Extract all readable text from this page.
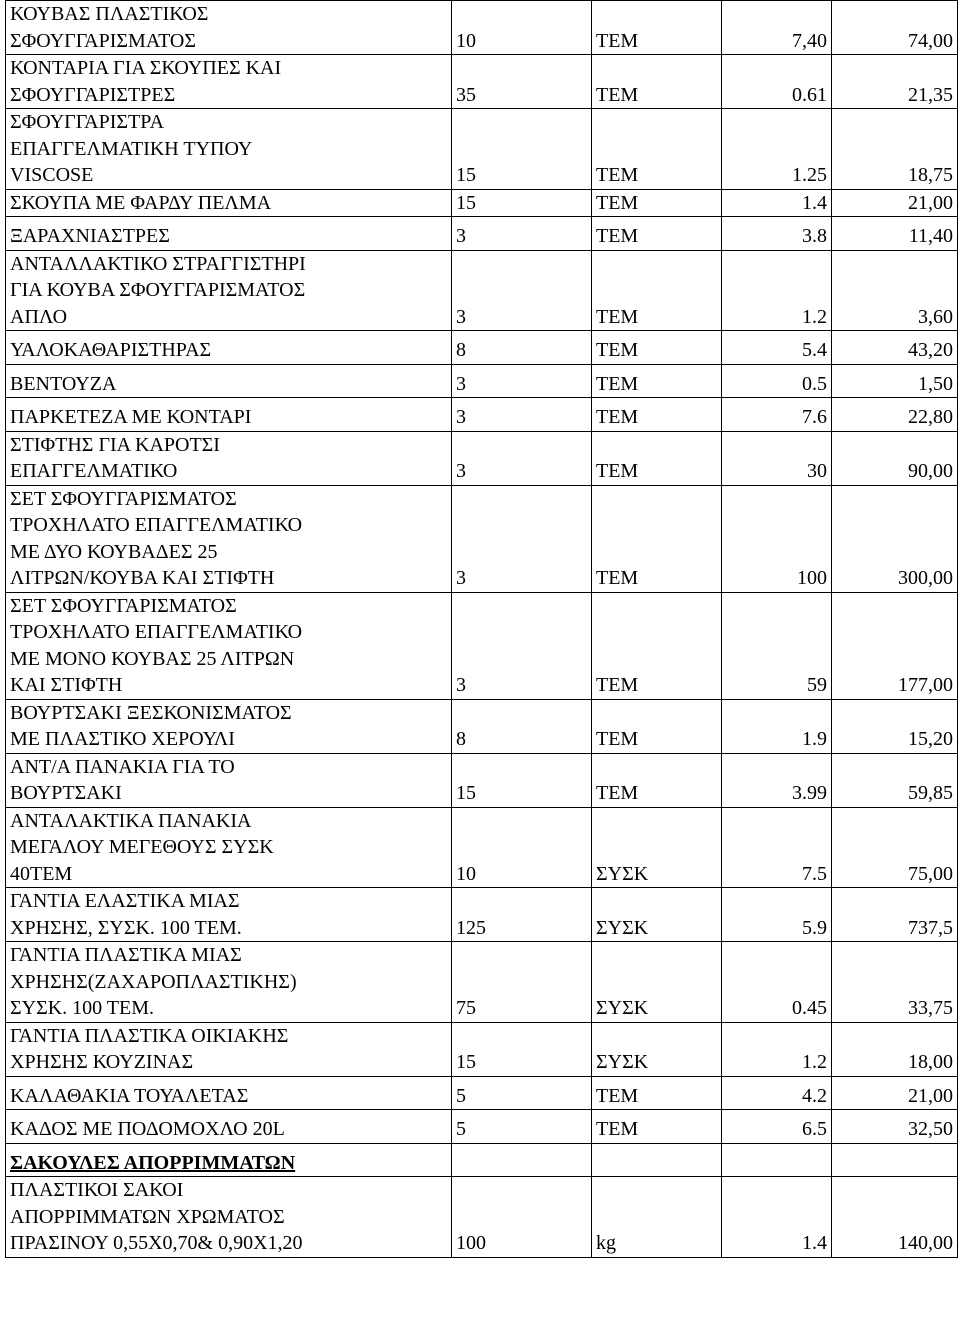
ΚΟΥΒΑΣ ΠΛΑΣΤΙΚΟΣ
ΣΦΟΥΓΓΑΡΙΣΜΑΤΟΣ	10	ΤΕΜ	7,40	74,00

ΚΟΝΤΑΡΙΑ ΓΙΑ ΣΚΟΥΠΕΣ ΚΑΙ
ΣΦΟΥΓΓΑΡΙΣΤΡΕΣ	35	ΤΕΜ	0.61	21,35

ΣΦΟΥΓΓΑΡΙΣΤΡΑ
ΕΠΑΓΓΕΛΜΑΤΙΚΗ ΤΥΠΟΥ
VISCOSE	15	ΤΕΜ	1.25	18,75

ΣΚΟΥΠΑ ΜΕ ΦΑΡΔΥ ΠΕΛΜΑ	15	ΤΕΜ	1.4	21,00

ΞΑΡΑΧΝΙΑΣΤΡΕΣ	3	ΤΕΜ	3.8	11,40

ΑΝΤΑΛΛΑΚΤΙΚΟ ΣΤΡΑΓΓΙΣΤΗΡΙ
ΓΙΑ ΚΟΥΒΑ ΣΦΟΥΓΓΑΡΙΣΜΑΤΟΣ
ΑΠΛΟ	3	ΤΕΜ	1.2	3,60

ΥΑΛΟΚΑΘΑΡΙΣΤΗΡΑΣ	8	ΤΕΜ	5.4	43,20

ΒΕΝΤΟΥΖΑ	3	ΤΕΜ	0.5	1,50

ΠΑΡΚΕΤΕΖΑ ΜΕ ΚΟΝΤΑΡΙ	3	ΤΕΜ	7.6	22,80

ΣΤΙΦΤΗΣ ΓΙΑ ΚΑΡΟΤΣΙ
ΕΠΑΓΓΕΛΜΑΤΙΚΟ	3	ΤΕΜ	30	90,00

ΣΕΤ ΣΦΟΥΓΓΑΡΙΣΜΑΤΟΣ
ΤΡΟΧΗΛΑΤΟ ΕΠΑΓΓΕΛΜΑΤΙΚΟ
ΜΕ ΔΥΟ ΚΟΥΒΑΔΕΣ 25
ΛΙΤΡΩΝ/ΚΟΥΒΑ ΚΑΙ ΣΤΙΦΤΗ	3	ΤΕΜ	100	300,00

ΣΕΤ ΣΦΟΥΓΓΑΡΙΣΜΑΤΟΣ
ΤΡΟΧΗΛΑΤΟ ΕΠΑΓΓΕΛΜΑΤΙΚΟ
ΜΕ ΜΟΝΟ ΚΟΥΒΑΣ 25 ΛΙΤΡΩΝ
ΚΑΙ ΣΤΙΦΤΗ	3	ΤΕΜ	59	177,00

ΒΟΥΡΤΣΑΚΙ ΞΕΣΚΟΝΙΣΜΑΤΟΣ
ΜΕ ΠΛΑΣΤΙΚΟ ΧΕΡΟΥΛΙ	8	ΤΕΜ	1.9	15,20

ΑΝΤ/Α ΠΑΝΑΚΙΑ ΓΙΑ ΤΟ
ΒΟΥΡΤΣΑΚΙ	15	ΤΕΜ	3.99	59,85

ΑΝΤΑΛΑΚΤΙΚΑ ΠΑΝΑΚΙΑ
ΜΕΓΑΛΟΥ ΜΕΓΕΘΟΥΣ ΣΥΣΚ
40ΤΕΜ	10	ΣΥΣΚ	7.5	75,00

ΓΑΝΤΙΑ ΕΛΑΣΤΙΚΑ ΜΙΑΣ
ΧΡΗΣΗΣ, ΣΥΣΚ. 100 ΤΕΜ.	125	ΣΥΣΚ	5.9	737,5

ΓΑΝΤΙΑ ΠΛΑΣΤΙΚΑ ΜΙΑΣ
ΧΡΗΣΗΣ(ΖΑΧΑΡΟΠΛΑΣΤΙΚΗΣ)
ΣΥΣΚ. 100 ΤΕΜ.	75	ΣΥΣΚ	0.45	33,75

ΓΑΝΤΙΑ ΠΛΑΣΤΙΚΑ ΟΙΚΙΑΚΗΣ
ΧΡΗΣΗΣ ΚΟΥΖΙΝΑΣ	15	ΣΥΣΚ	1.2	18,00

ΚΑΛΑΘΑΚΙΑ ΤΟΥΑΛΕΤΑΣ	5	ΤΕΜ	4.2	21,00

ΚΑΔΟΣ ΜΕ ΠΟΔΟΜΟΧΛΟ 20L	5	ΤΕΜ	6.5	32,50

ΣΑΚΟΥΛΕΣ ΑΠΟΡΡΙΜΜΑΤΩΝ				

ΠΛΑΣΤΙΚΟΙ ΣΑΚΟΙ
ΑΠΟΡΡΙΜΜΑΤΩΝ ΧΡΩΜΑΤΟΣ
ΠΡΑΣΙΝΟΥ 0,55Χ0,70& 0,90Χ1,20	100	kg	1.4	140,00
